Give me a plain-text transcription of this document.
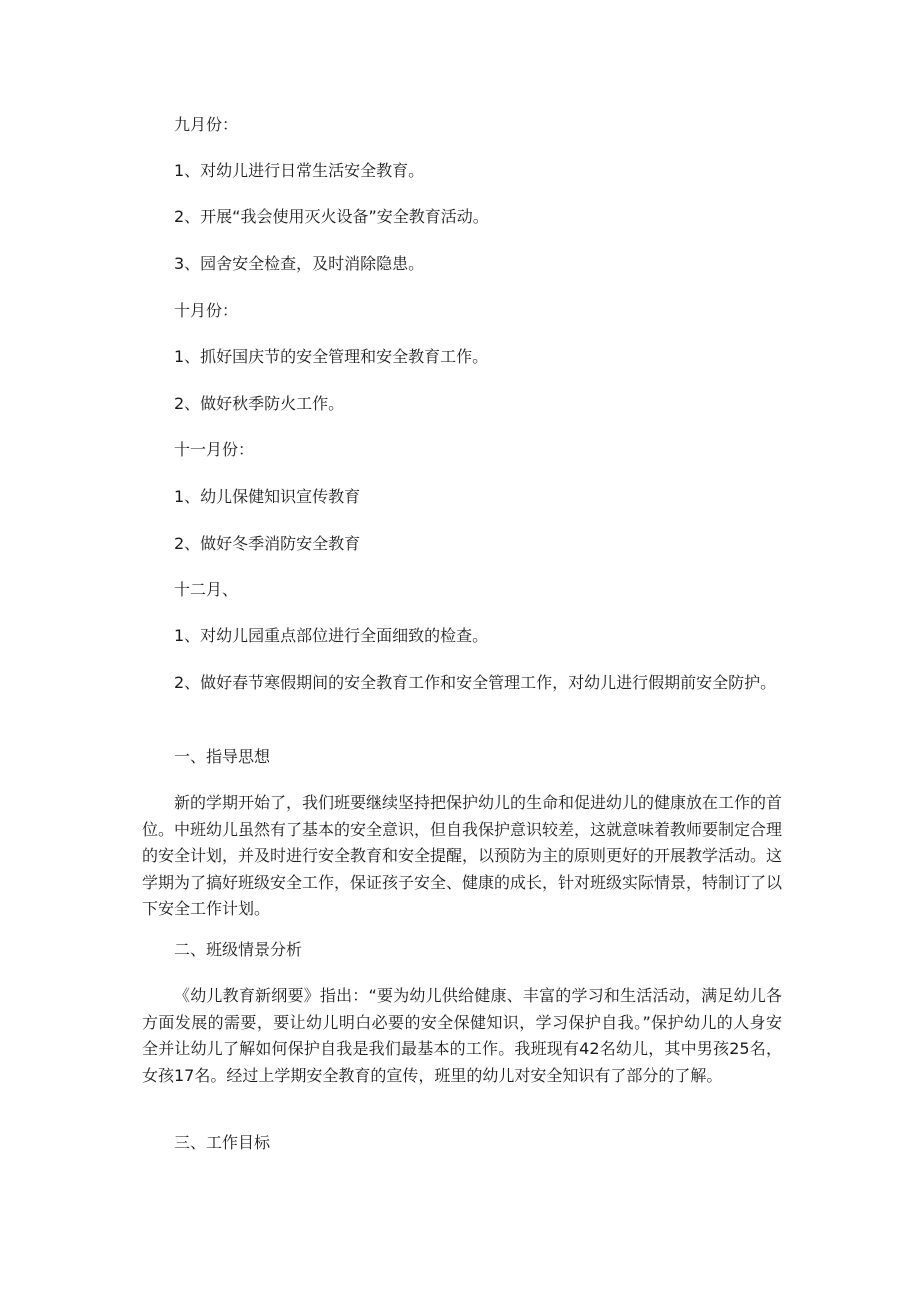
九月份：
1、对幼儿进行日常生活安全教育。
2、开展“我会使用灭火设备”安全教育活动。
3、园舍安全检查，及时消除隐患。
十月份：
1、抓好国庆节的安全管理和安全教育工作。
2、做好秋季防火工作。
十一月份：
1、幼儿保健知识宣传教育
2、做好冬季消防安全教育
十二月、
1、对幼儿园重点部位进行全面细致的检查。
2、做好春节寒假期间的安全教育工作和安全管理工作，对幼儿进行假期前安全防护。
一、指导思想
新的学期开始了，我们班要继续坚持把保护幼儿的生命和促进幼儿的健康放在工作的首位。中班幼儿虽然有了基本的安全意识，但自我保护意识较差，这就意味着教师要制定合理的安全计划，并及时进行安全教育和安全提醒，以预防为主的原则更好的开展教学活动。这学期为了搞好班级安全工作，保证孩子安全、健康的成长，针对班级实际情景，特制订了以下安全工作计划。
二、班级情景分析
《幼儿教育新纲要》指出：“要为幼儿供给健康、丰富的学习和生活活动，满足幼儿各方面发展的需要，要让幼儿明白必要的安全保健知识，学习保护自我。”保护幼儿的人身安全并让幼儿了解如何保护自我是我们最基本的工作。我班现有42名幼儿，其中男孩25名，女孩17名。经过上学期安全教育的宣传，班里的幼儿对安全知识有了部分的了解。
三、工作目标
